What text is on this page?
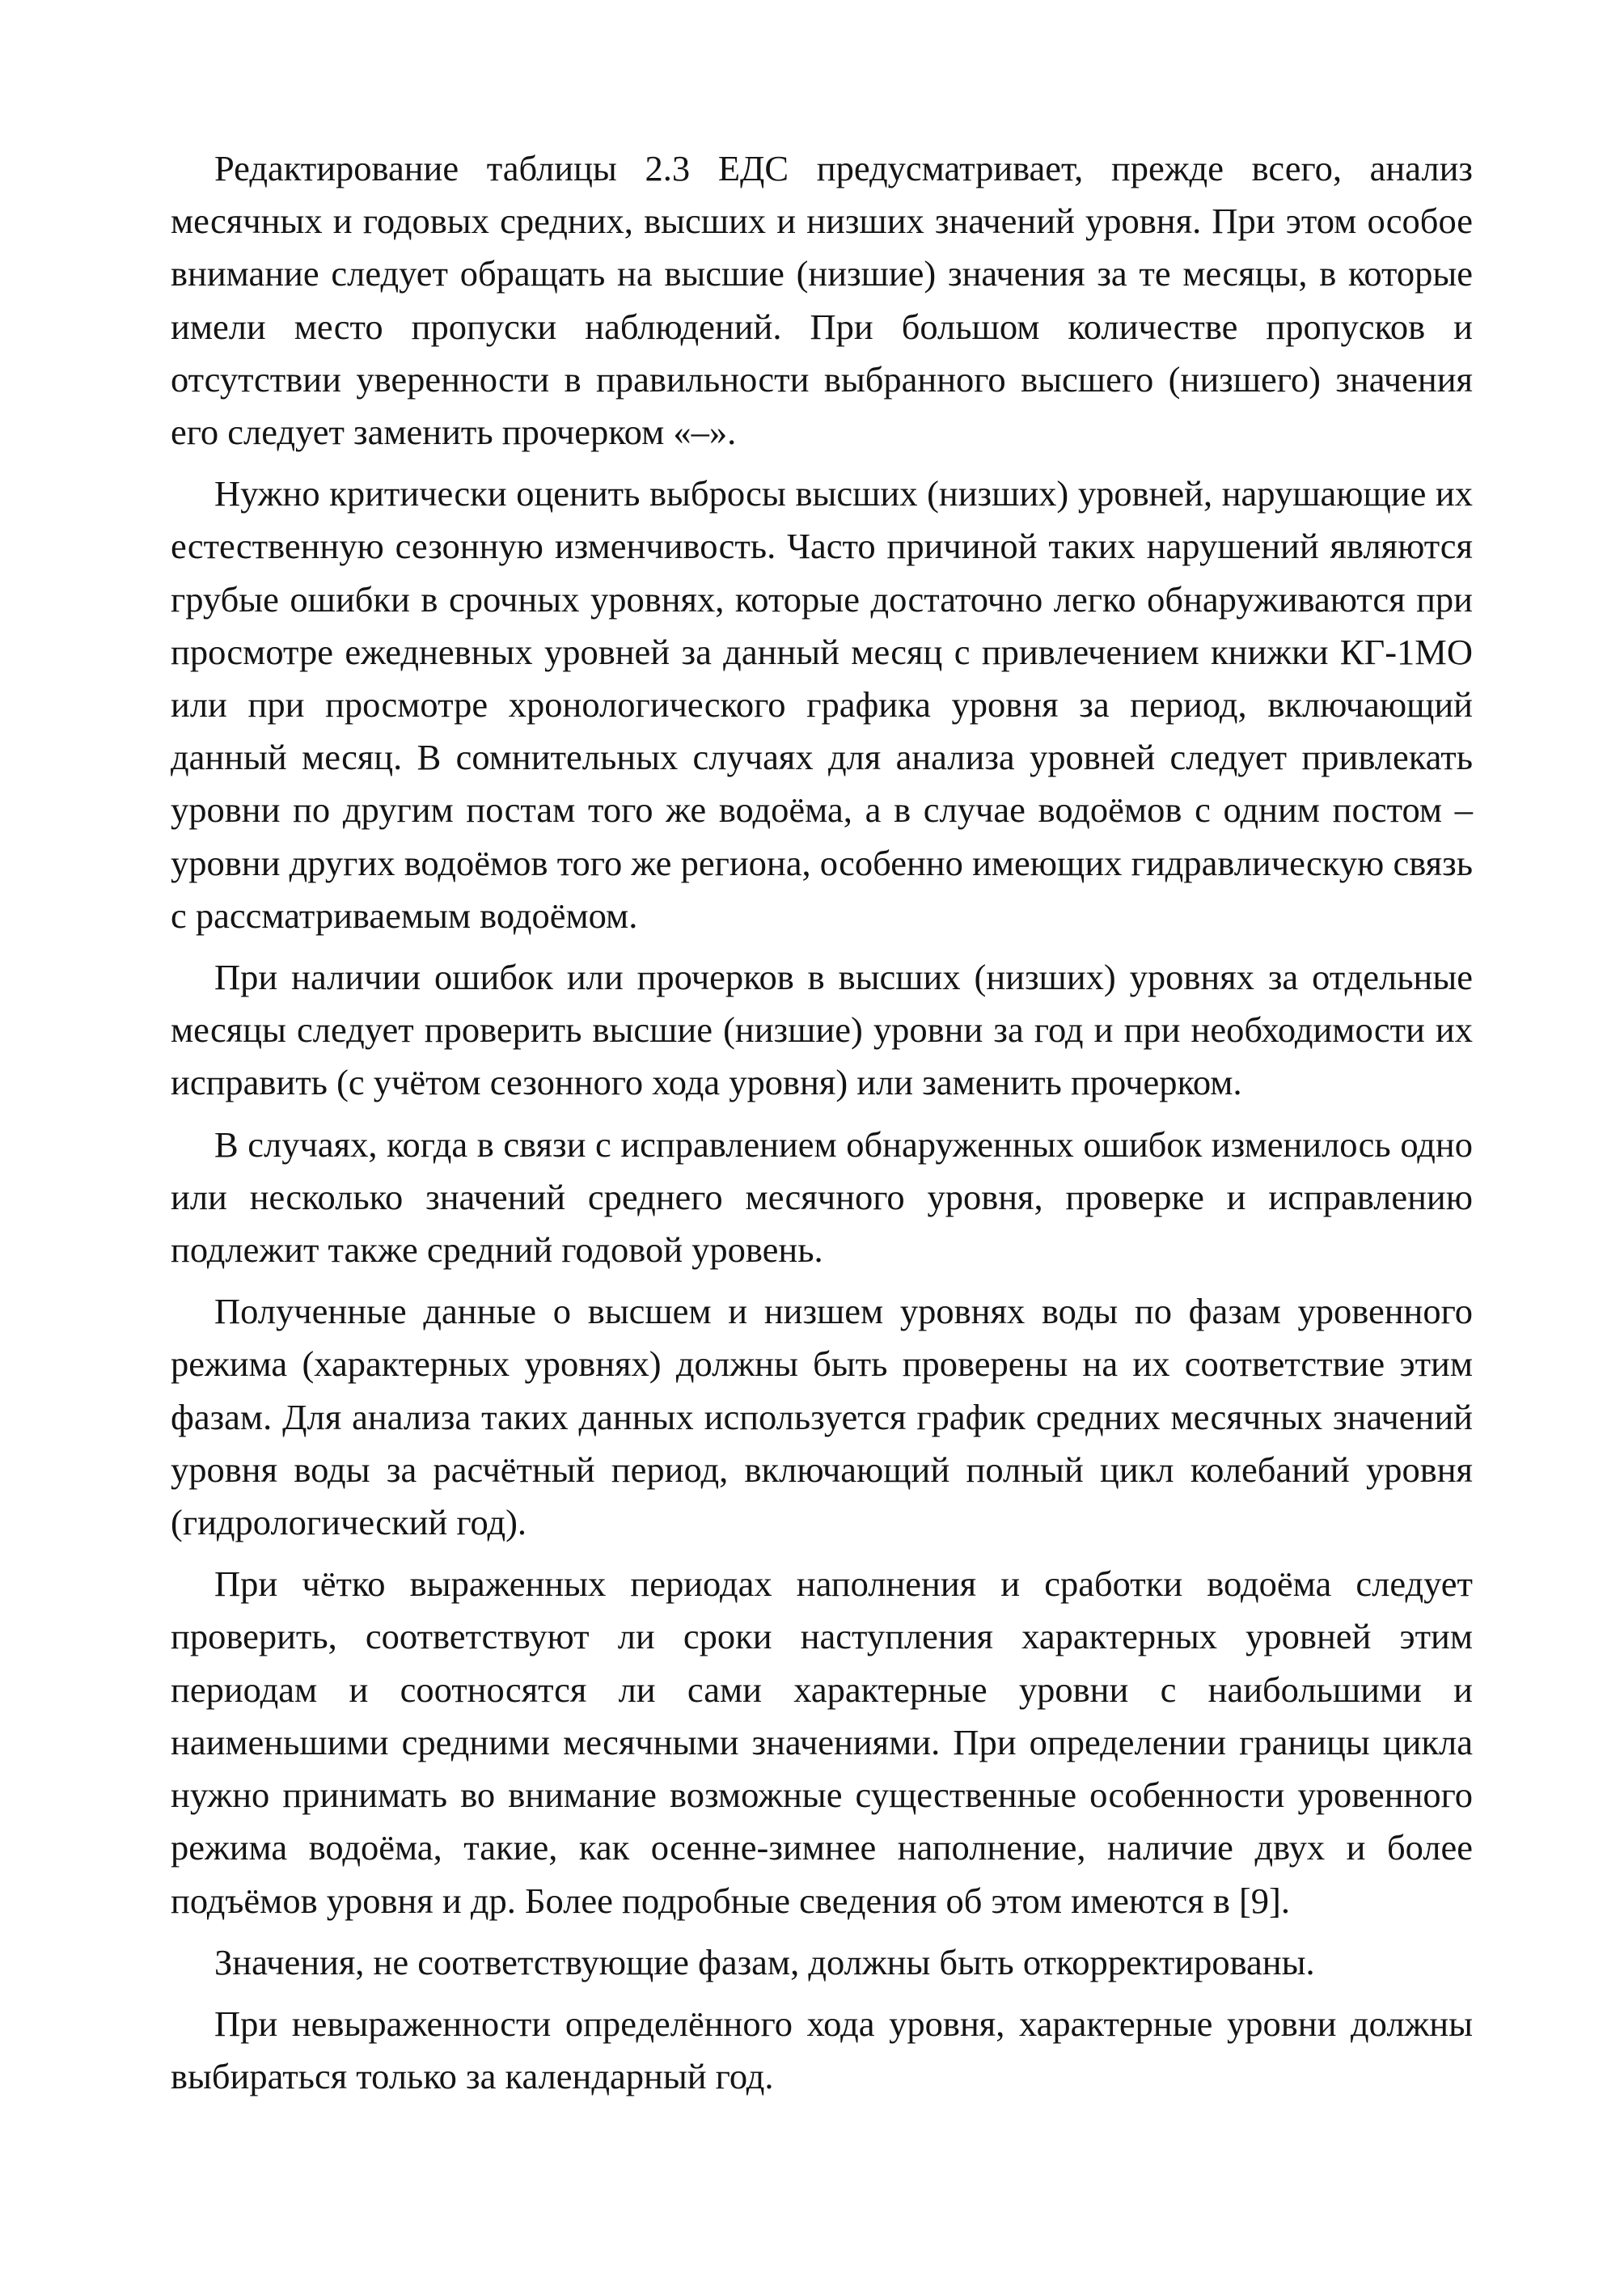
Редактирование таблицы 2.3 ЕДС предусматривает, прежде всего, анализ месячных и годовых средних, высших и низших значений уровня. При этом особое внимание следует обращать на высшие (низшие) значения за те месяцы, в которые имели место пропуски наблюдений. При большом количестве пропусков и отсутствии уверенности в правильности выбранного высшего (низшего) значения его следует заменить прочерком «–».

Нужно критически оценить выбросы высших (низших) уровней, нарушающие их естественную сезонную изменчивость. Часто причиной таких нарушений являются грубые ошибки в срочных уровнях, которые достаточно легко обнаруживаются при просмотре ежедневных уровней за данный месяц с привлечением книжки КГ-1МО или при просмотре хронологического графика уровня за период, включающий данный месяц. В сомнительных случаях для анализа уровней следует привлекать уровни по другим постам того же водоёма, а в случае водоёмов с одним постом – уровни других водоёмов того же региона, особенно имеющих гидравлическую связь с рассматриваемым водоёмом.

При наличии ошибок или прочерков в высших (низших) уровнях за отдельные месяцы следует проверить высшие (низшие) уровни за год и при необходимости их исправить (с учётом сезонного хода уровня) или заменить прочерком.

В случаях, когда в связи с исправлением обнаруженных ошибок изменилось одно или несколько значений среднего месячного уровня, проверке и исправлению подлежит также средний годовой уровень.

Полученные данные о высшем и низшем уровнях воды по фазам уровенного режима (характерных уровнях) должны быть проверены на их соответствие этим фазам. Для анализа таких данных используется график средних месячных значений уровня воды за расчётный период, включающий полный цикл колебаний уровня (гидрологический год).

При чётко выраженных периодах наполнения и сработки водоёма следует проверить, соответствуют ли сроки наступления характерных уровней этим периодам и соотносятся ли сами характерные уровни с наибольшими и наименьшими средними месячными значениями. При определении границы цикла нужно принимать во внимание возможные существенные особенности уровенного режима водоёма, такие, как осенне-зимнее наполнение, наличие двух и более подъёмов уровня и др. Более подробные сведения об этом имеются в [9].

Значения, не соответствующие фазам, должны быть откорректированы.

При невыраженности определённого хода уровня, характерные уровни должны выбираться только за календарный год.
